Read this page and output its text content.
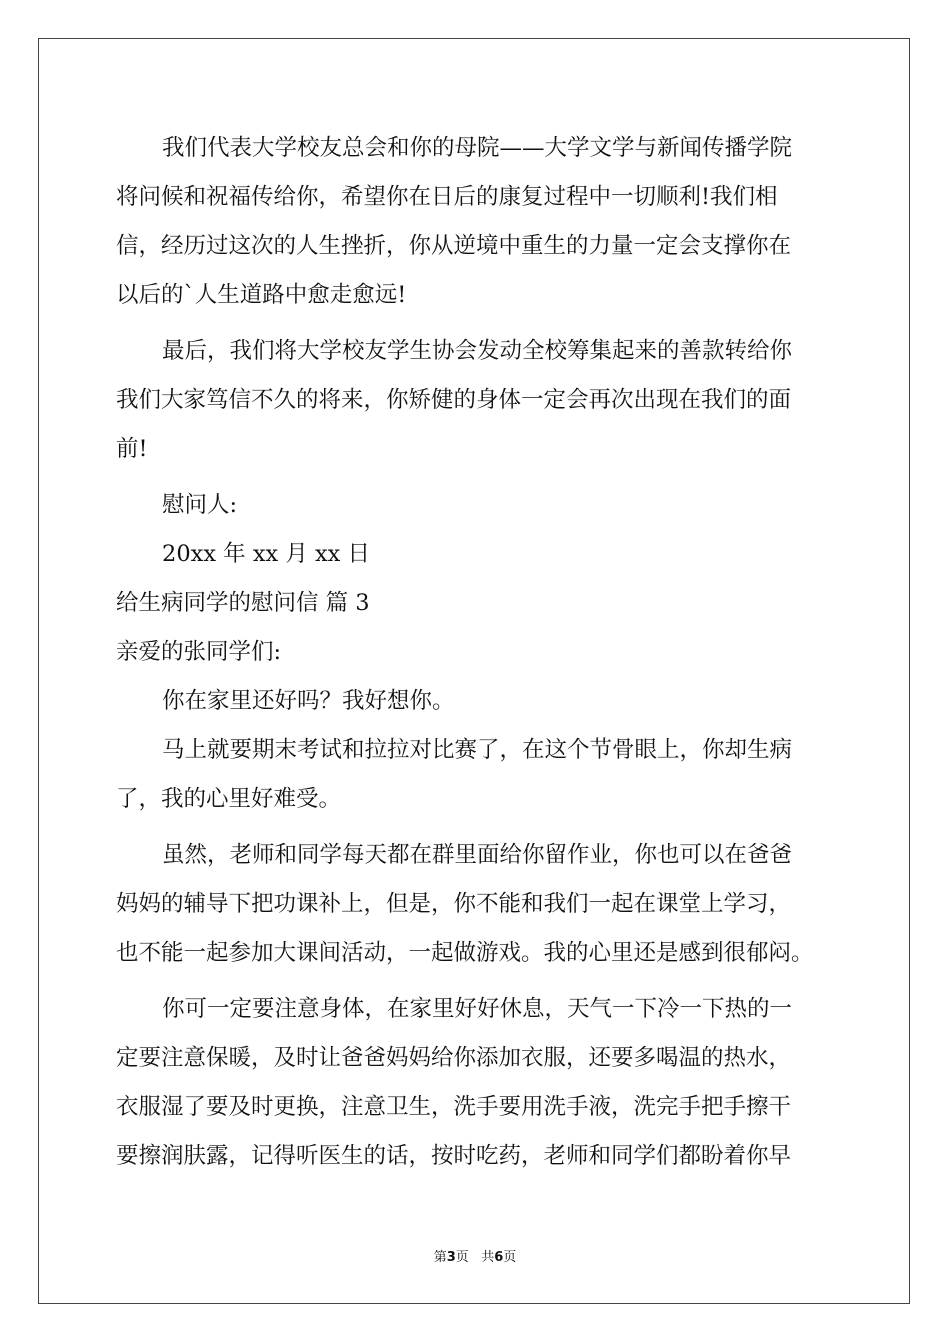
我们代表大学校友总会和你的母院——大学文学与新闻传播学院
将问候和祝福传给你，希望你在日后的康复过程中一切顺利!我们相
信，经历过这次的人生挫折，你从逆境中重生的力量一定会支撑你在
以后的`人生道路中愈走愈远!
最后，我们将大学校友学生协会发动全校筹集起来的善款转给你
我们大家笃信不久的将来，你矫健的身体一定会再次出现在我们的面
前!
慰问人:
20xx 年 xx 月 xx 日
给生病同学的慰问信 篇 3
亲爱的张同学们:
你在家里还好吗？我好想你。
马上就要期末考试和拉拉对比赛了，在这个节骨眼上，你却生病
了，我的心里好难受。
虽然，老师和同学每天都在群里面给你留作业，你也可以在爸爸
妈妈的辅导下把功课补上，但是，你不能和我们一起在课堂上学习，
也不能一起参加大课间活动，一起做游戏。我的心里还是感到很郁闷。
你可一定要注意身体，在家里好好休息，天气一下冷一下热的一
定要注意保暖，及时让爸爸妈妈给你添加衣服，还要多喝温的热水，
衣服湿了要及时更换，注意卫生，洗手要用洗手液，洗完手把手擦干
要擦润肤露，记得听医生的话，按时吃药，老师和同学们都盼着你早
第3页 共6页
